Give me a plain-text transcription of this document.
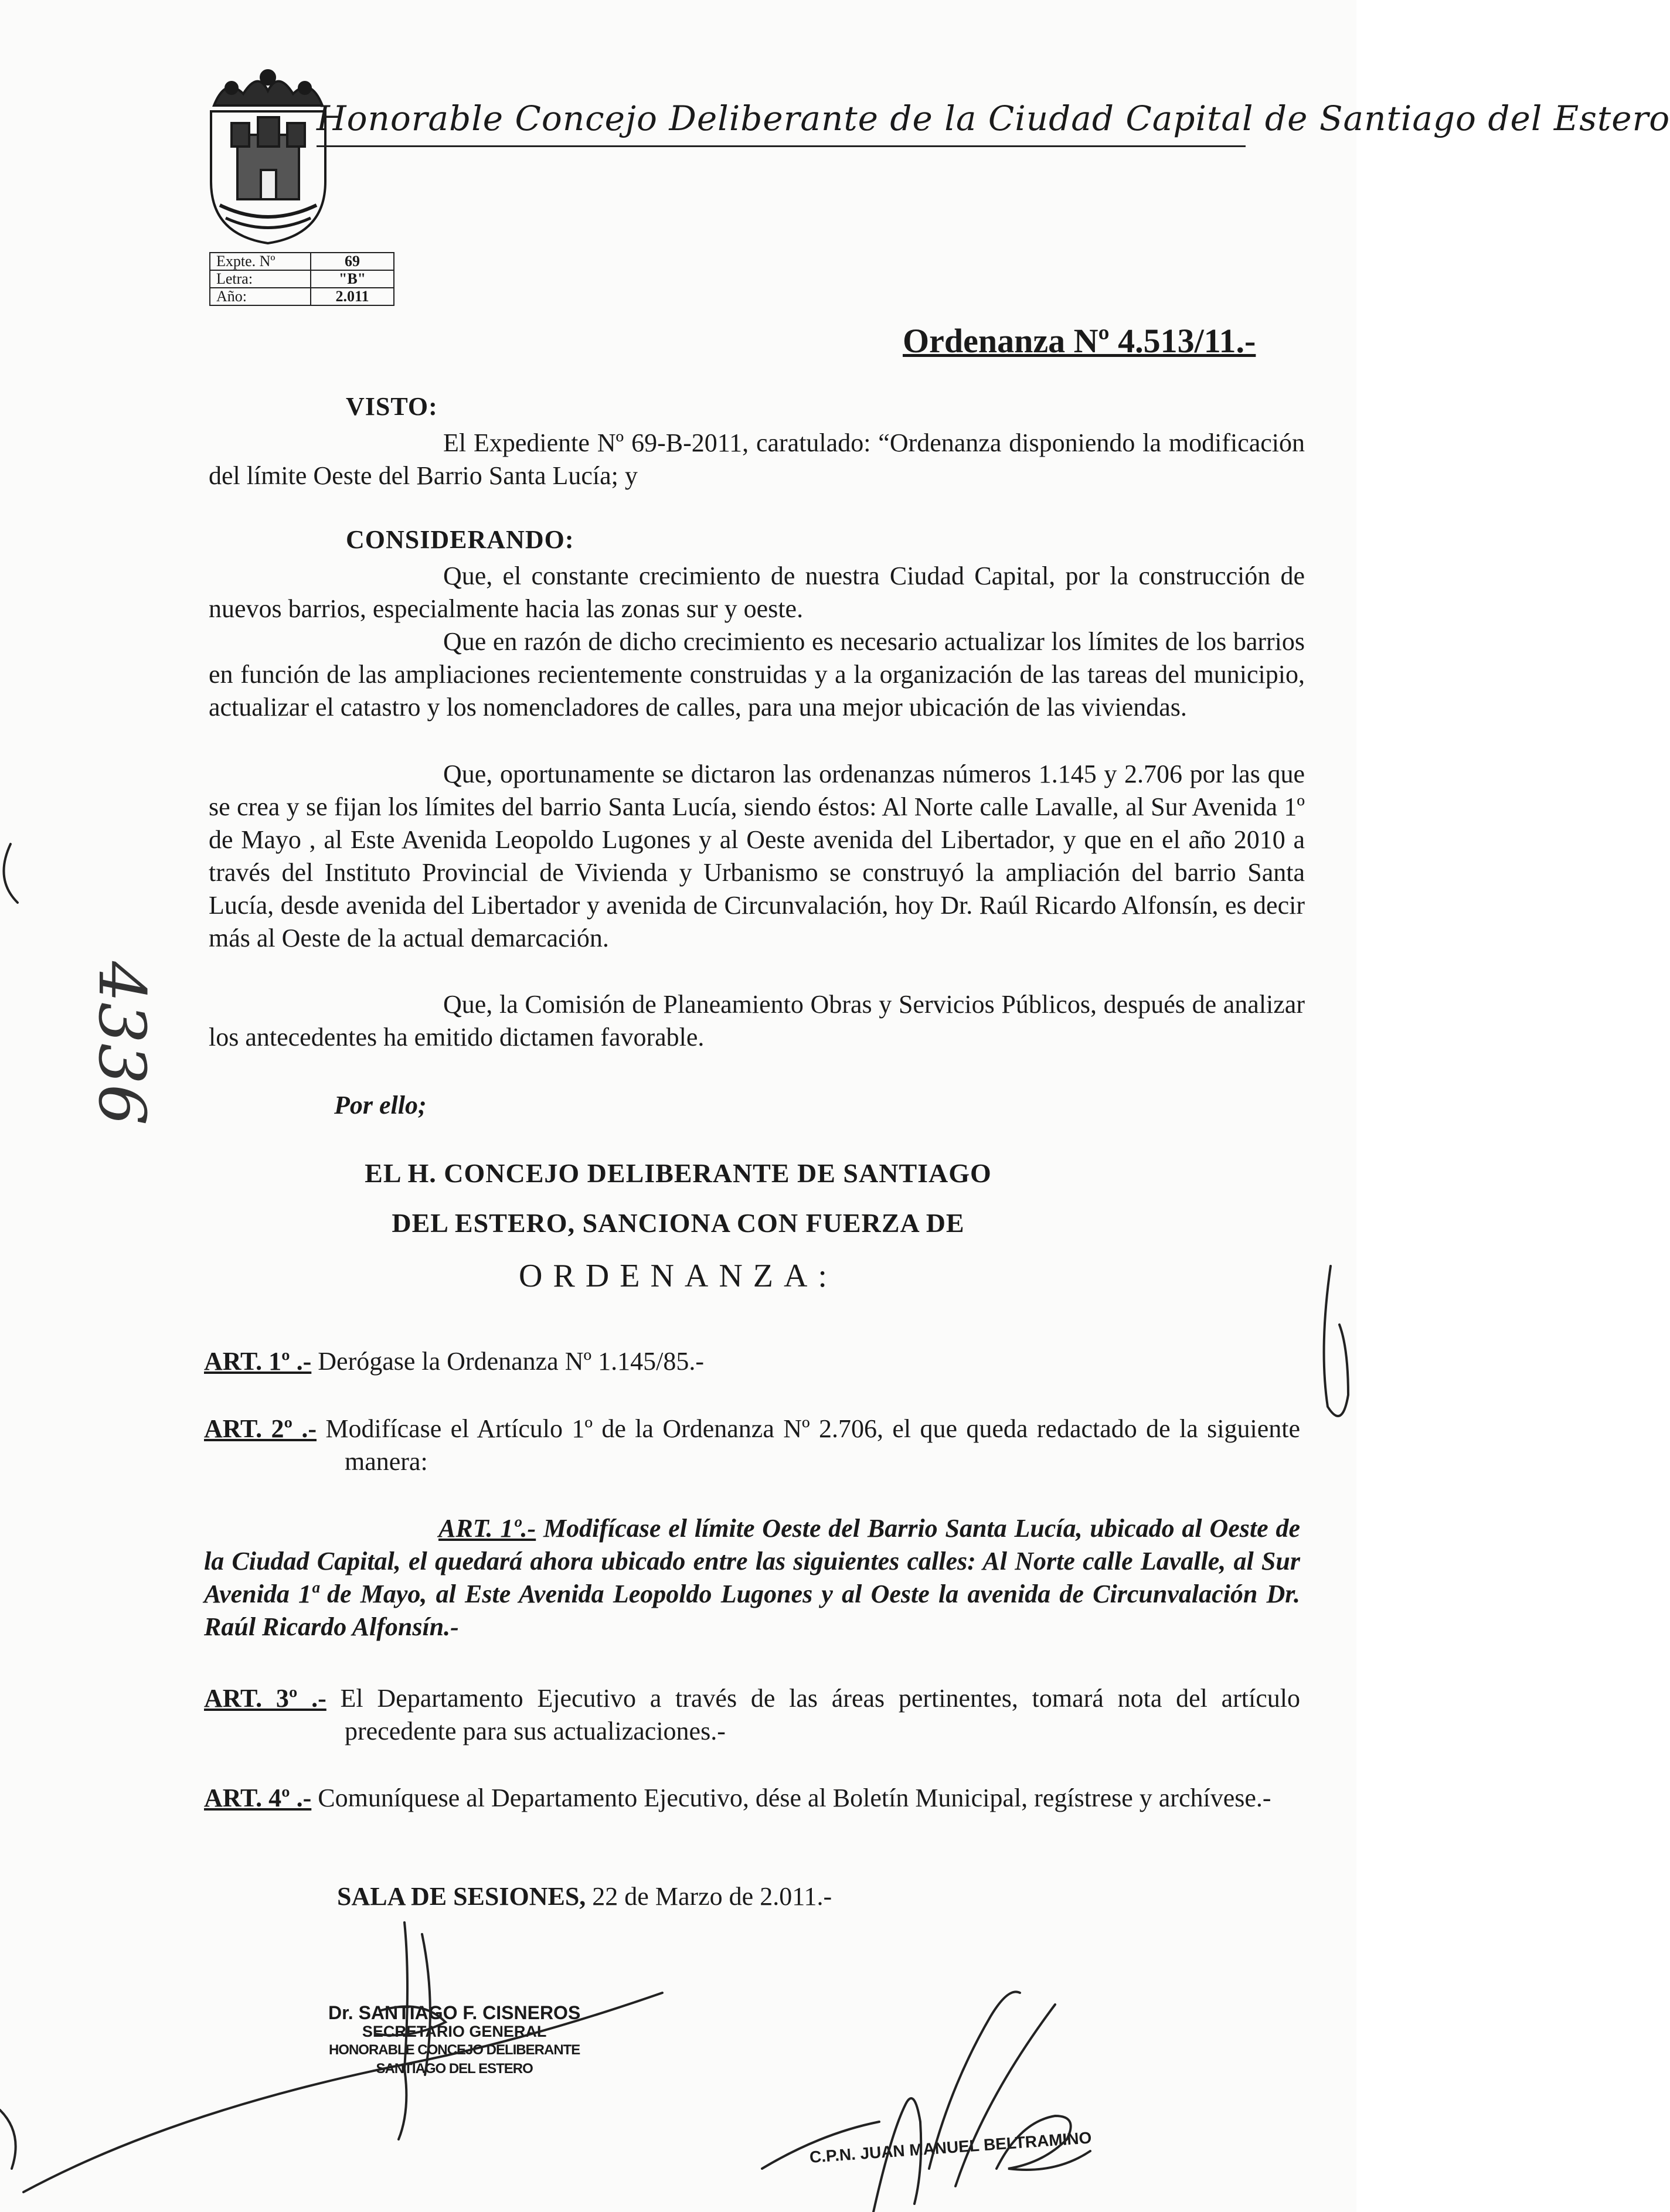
Honorable Concejo Deliberante de la Ciudad Capital de Santiago del Estero
Expte. Nº	69
Letra:	"B"
Año:	2.011
Ordenanza Nº 4.513/11.-
VISTO:
El Expediente Nº 69-B-2011, caratulado: “Ordenanza disponiendo la modificación del límite Oeste del Barrio Santa Lucía; y
CONSIDERANDO:
Que, el constante crecimiento de nuestra Ciudad Capital, por la construcción de nuevos barrios, especialmente hacia las zonas sur y oeste.
Que en razón de dicho crecimiento es necesario actualizar los límites de los barrios en función de las ampliaciones recientemente construidas y a la organización de las tareas del municipio, actualizar el catastro y los nomencladores de calles, para una mejor ubicación de las viviendas.
Que, oportunamente se dictaron las ordenanzas números 1.145 y 2.706 por las que se crea y se fijan los límites del barrio Santa Lucía, siendo éstos: Al Norte calle Lavalle, al Sur Avenida 1º de Mayo , al Este Avenida Leopoldo Lugones y al Oeste avenida del Libertador, y que en el año 2010 a través del Instituto Provincial de Vivienda y Urbanismo se construyó la ampliación del barrio Santa Lucía, desde avenida del Libertador y avenida de Circunvalación, hoy Dr. Raúl Ricardo Alfonsín, es decir más al Oeste de la actual demarcación.
Que, la Comisión de Planeamiento Obras y Servicios Públicos, después de analizar los antecedentes ha emitido dictamen favorable.
Por ello;
EL H. CONCEJO DELIBERANTE DE SANTIAGO
DEL ESTERO, SANCIONA CON FUERZA DE
ORDENANZA:

ART. 1º .- Derógase la Ordenanza Nº 1.145/85.-

ART. 2º .- Modifícase el Artículo 1º de la Ordenanza Nº 2.706, el que queda redactado de la siguiente manera:

ART. 1º.- Modifícase el límite Oeste del Barrio Santa Lucía, ubicado al Oeste de la Ciudad Capital, el quedará ahora ubicado entre las siguientes calles: Al Norte calle Lavalle, al Sur Avenida 1ª de Mayo, al Este Avenida Leopoldo Lugones y al Oeste la avenida de Circunvalación Dr. Raúl Ricardo Alfonsín.-

ART. 3º .- El Departamento Ejecutivo a través de las áreas pertinentes, tomará nota del artículo precedente para sus actualizaciones.-

ART. 4º .- Comuníquese al Departamento Ejecutivo, dése al Boletín Municipal, regístrese y archívese.-

SALA DE SESIONES, 22 de Marzo de 2.011.-
Dr. SANTIAGO F. CISNEROS
SECRETARIO GENERAL
HONORABLE CONCEJO DELIBERANTE
SANTIAGO DEL ESTERO
C.P.N. JUAN MANUEL BELTRAMINO
4336
